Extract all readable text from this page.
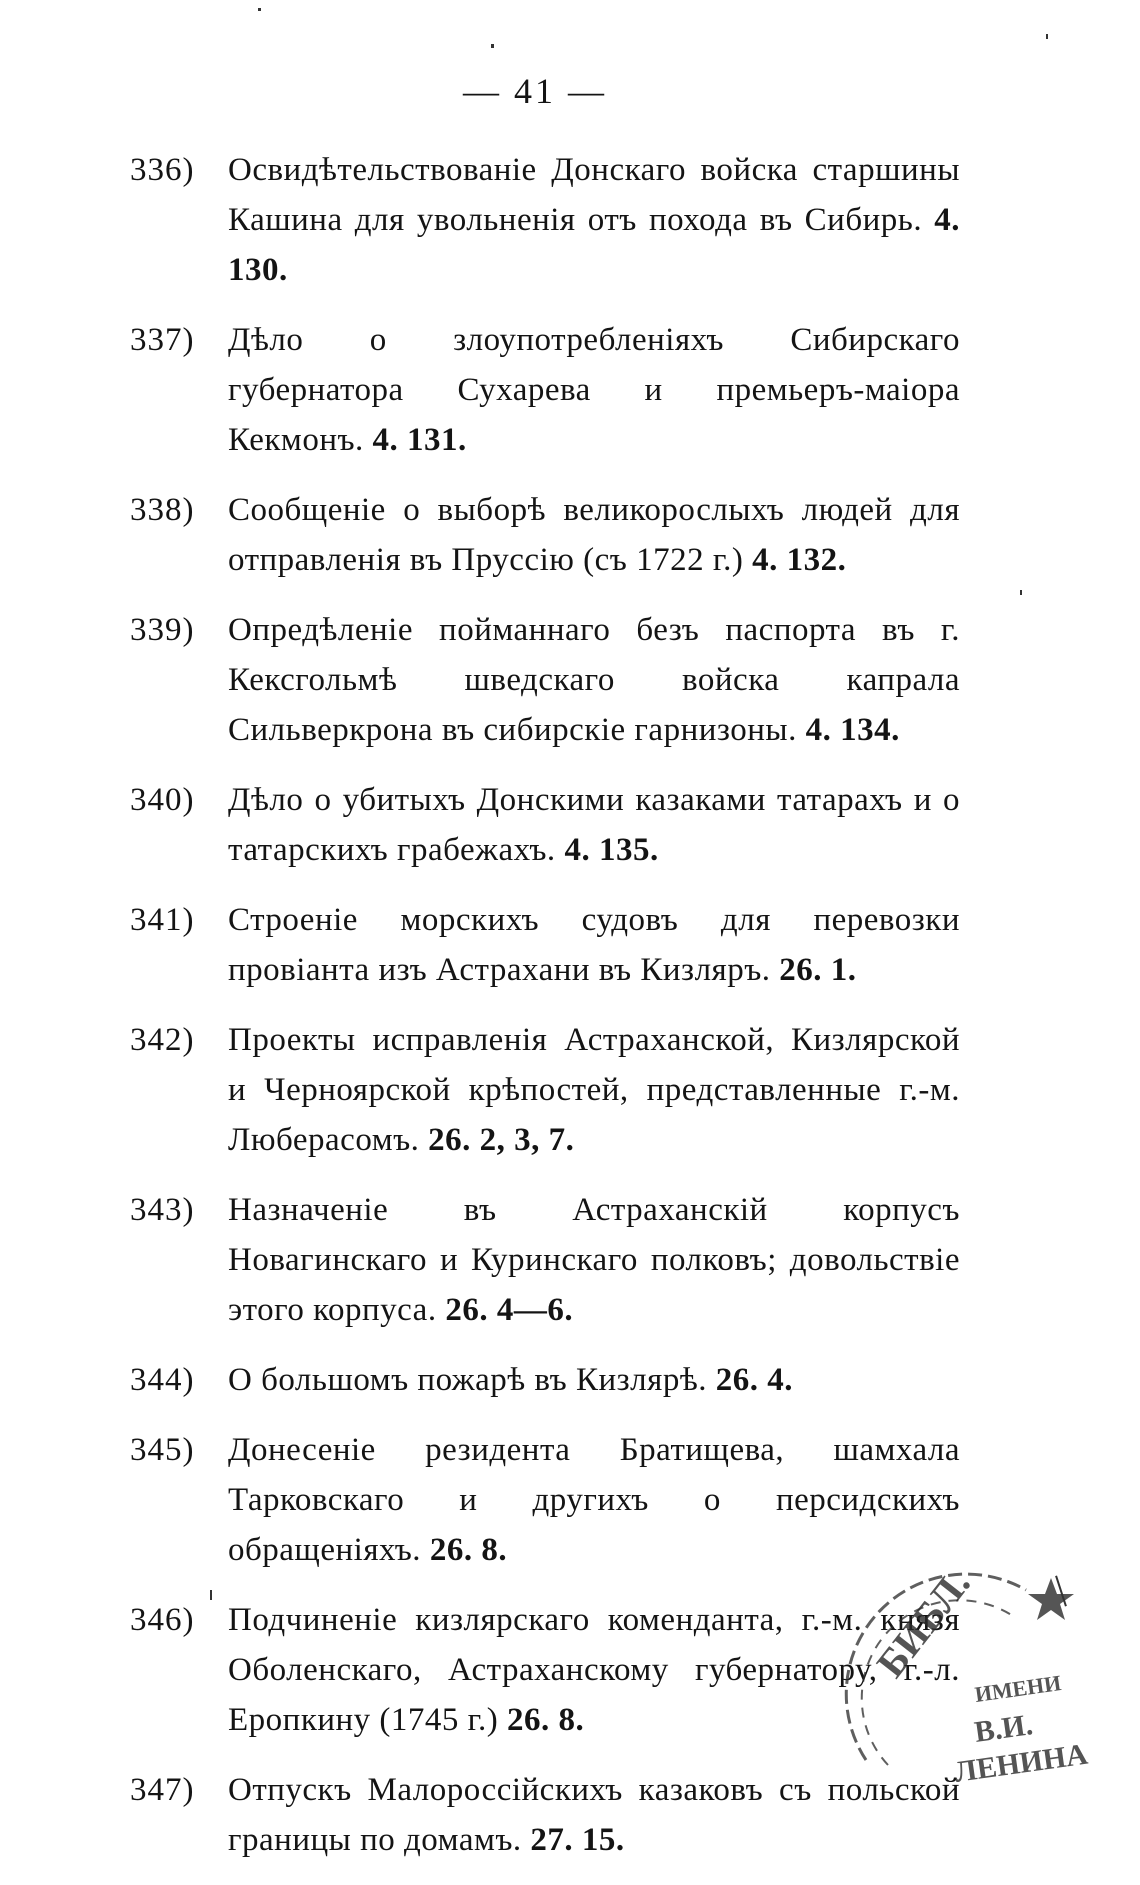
— 41 —
336)	Освидѣтельствованіе Донскаго войска старшины Кашина для увольненія отъ похода въ Сибирь. 4. 130.
337)	Дѣло о злоупотребленіяхъ Сибирскаго губернатора Сухарева и премьеръ-маіора Кекмонъ. 4. 131.
338)	Сообщеніе о выборѣ великорослыхъ людей для отправленія въ Пруссію (съ 1722 г.) 4. 132.
339)	Опредѣленіе пойманнаго безъ паспорта въ г. Кексгольмѣ шведскаго войска капрала Сильверкрона въ сибирскіе гарнизоны. 4. 134.
340)	Дѣло о убитыхъ Донскими казаками татарахъ и о татарскихъ грабежахъ. 4. 135.
341)	Строеніе морскихъ судовъ для перевозки провіанта изъ Астрахани въ Кизляръ. 26. 1.
342)	Проекты исправленія Астраханской, Кизлярской и Черноярской крѣпостей, представленные г.-м. Люберасомъ. 26. 2, 3, 7.
343)	Назначеніе въ Астраханскій корпусъ Новагинскаго и Куринскаго полковъ; довольствіе этого корпуса. 26. 4—6.
344)	О большомъ пожарѣ въ Кизлярѣ. 26. 4.
345)	Донесеніе резидента Братищева, шамхала Тарковскаго и другихъ о персидскихъ обращеніяхъ. 26. 8.
346)	Подчиненіе кизлярскаго коменданта, г.-м. князя Оболенскаго, Астраханскому губернатору, г.-л. Еропкину (1745 г.) 26. 8.
347)	Отпускъ Малороссійскихъ казаковъ съ польской границы по домамъ. 27. 15.
БИБЛ.
ИМЕНИ
В.И.
ЛЕНИНА
